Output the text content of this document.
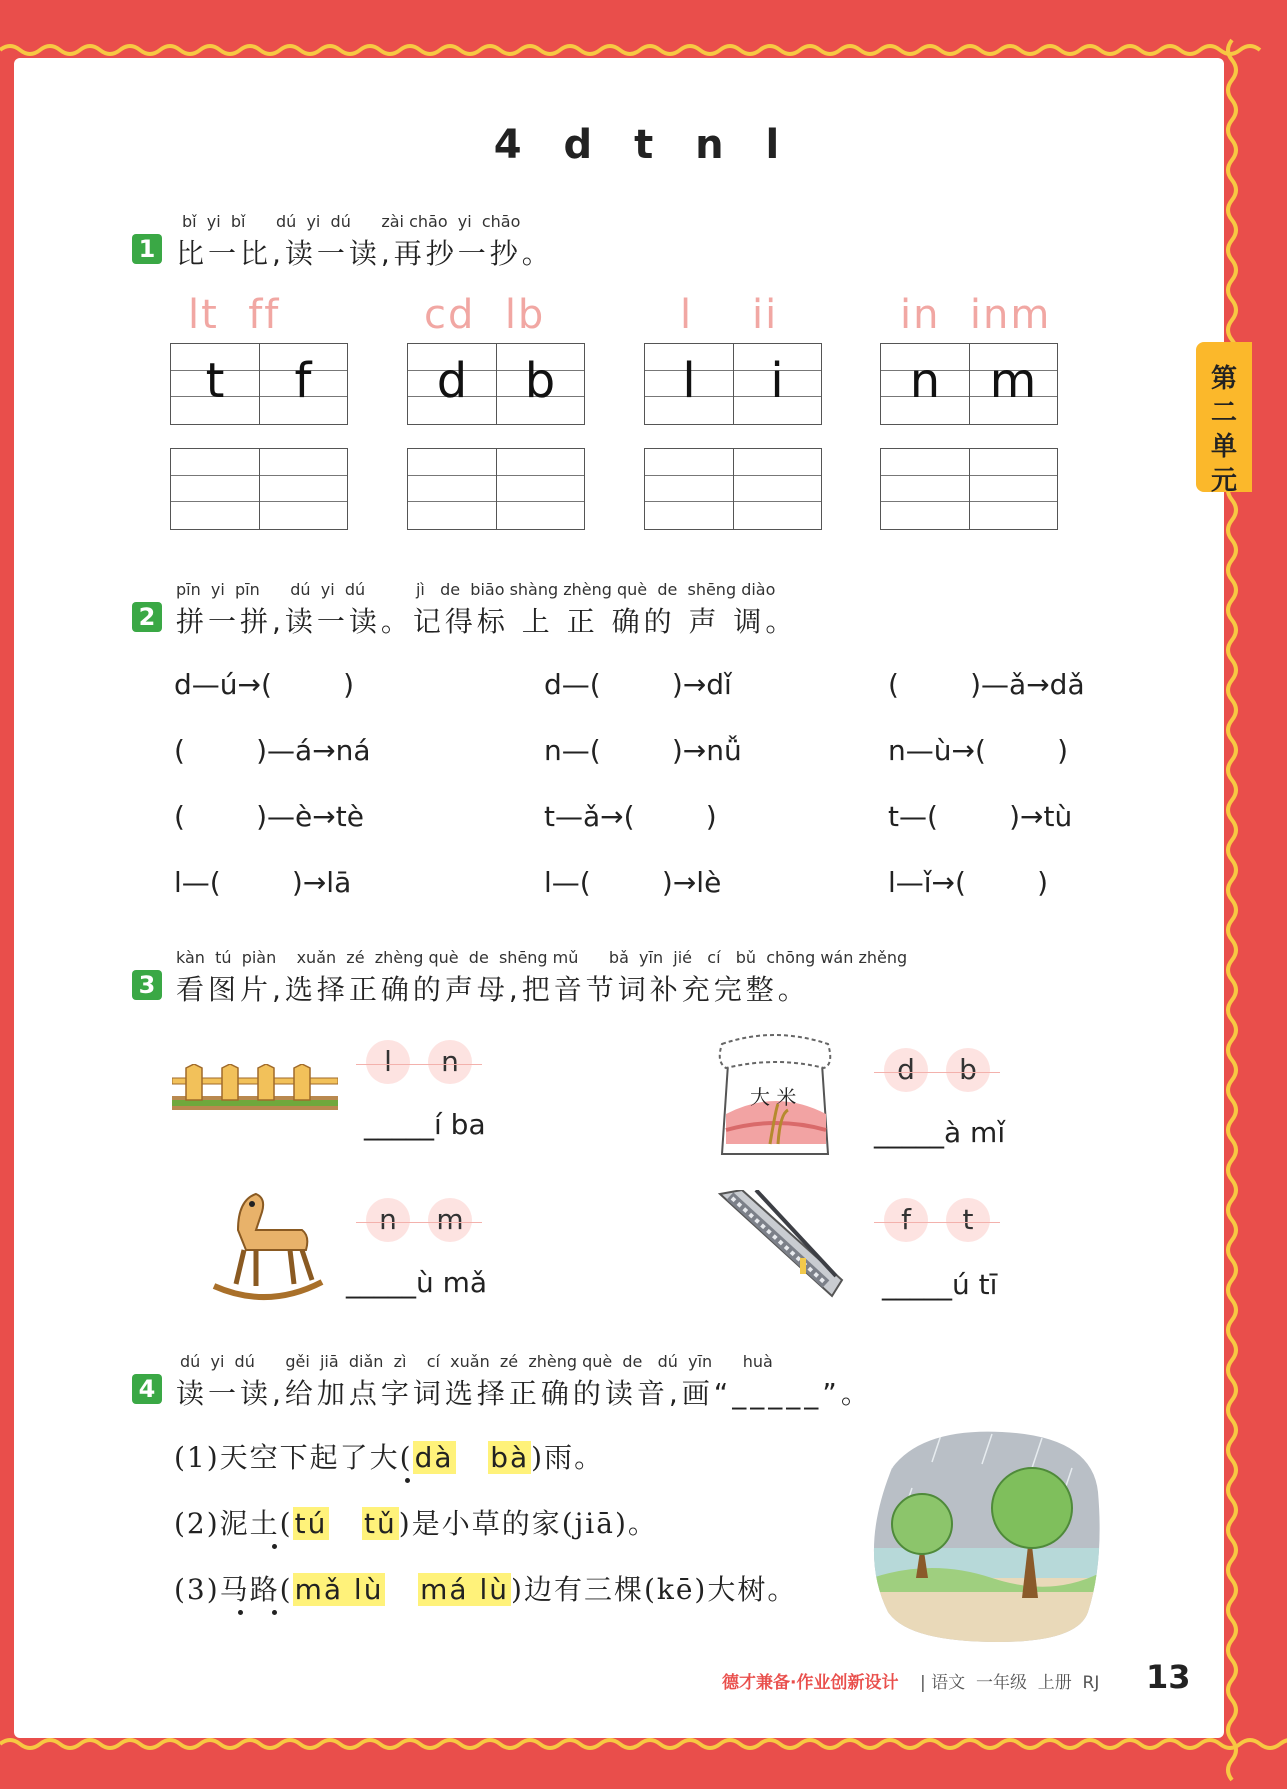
4 d t n l
第
二
单
元
1
bǐ  yi  bǐ      dú  yi  dú      zài chāo  yi  chāo
比一比,读一读,再抄一抄。
lt  ff	cd  lb	l    ii	in  inm
t	f	d	b	l	i	n	m
2
pīn  yi  pīn      dú  yi  dú          jì   de  biāo shàng zhèng què  de  shēng diào
拼一拼,读一读。记得标 上 正 确的 声 调。
d—ú→(        )	d—(        )→dǐ	(        )—ǎ→dǎ
(        )—á→ná	n—(        )→nǚ	n—ù→(        )
(        )—è→tè	t—ǎ→(        )	t—(        )→tù
l—(        )→lā	l—(        )→lè	l—ǐ→(        )
3
kàn  tú  piàn    xuǎn  zé  zhèng què  de  shēng mǔ      bǎ  yīn  jié   cí   bǔ  chōng wán zhěng
看图片,选择正确的声母,把音节词补充完整。
l	n
_____í ba
大 米
d	b
_____à mǐ
n	m
_____ù mǎ
f	t
_____ú tī
4
dú  yi  dú      gěi  jiā  diǎn  zì    cí  xuǎn  zé  zhèng què  de   dú  yīn      huà
读一读,给加点字词选择正确的读音,画“_____”。
(1)天空下起了大(dà bà)雨。
(2)泥土(tú tǔ)是小草的家(jiā)。
(3)马路(mǎ lù má lù)边有三棵(kē)大树。
德才兼备·作业创新设计 | 语文  一年级  上册  RJ 13
